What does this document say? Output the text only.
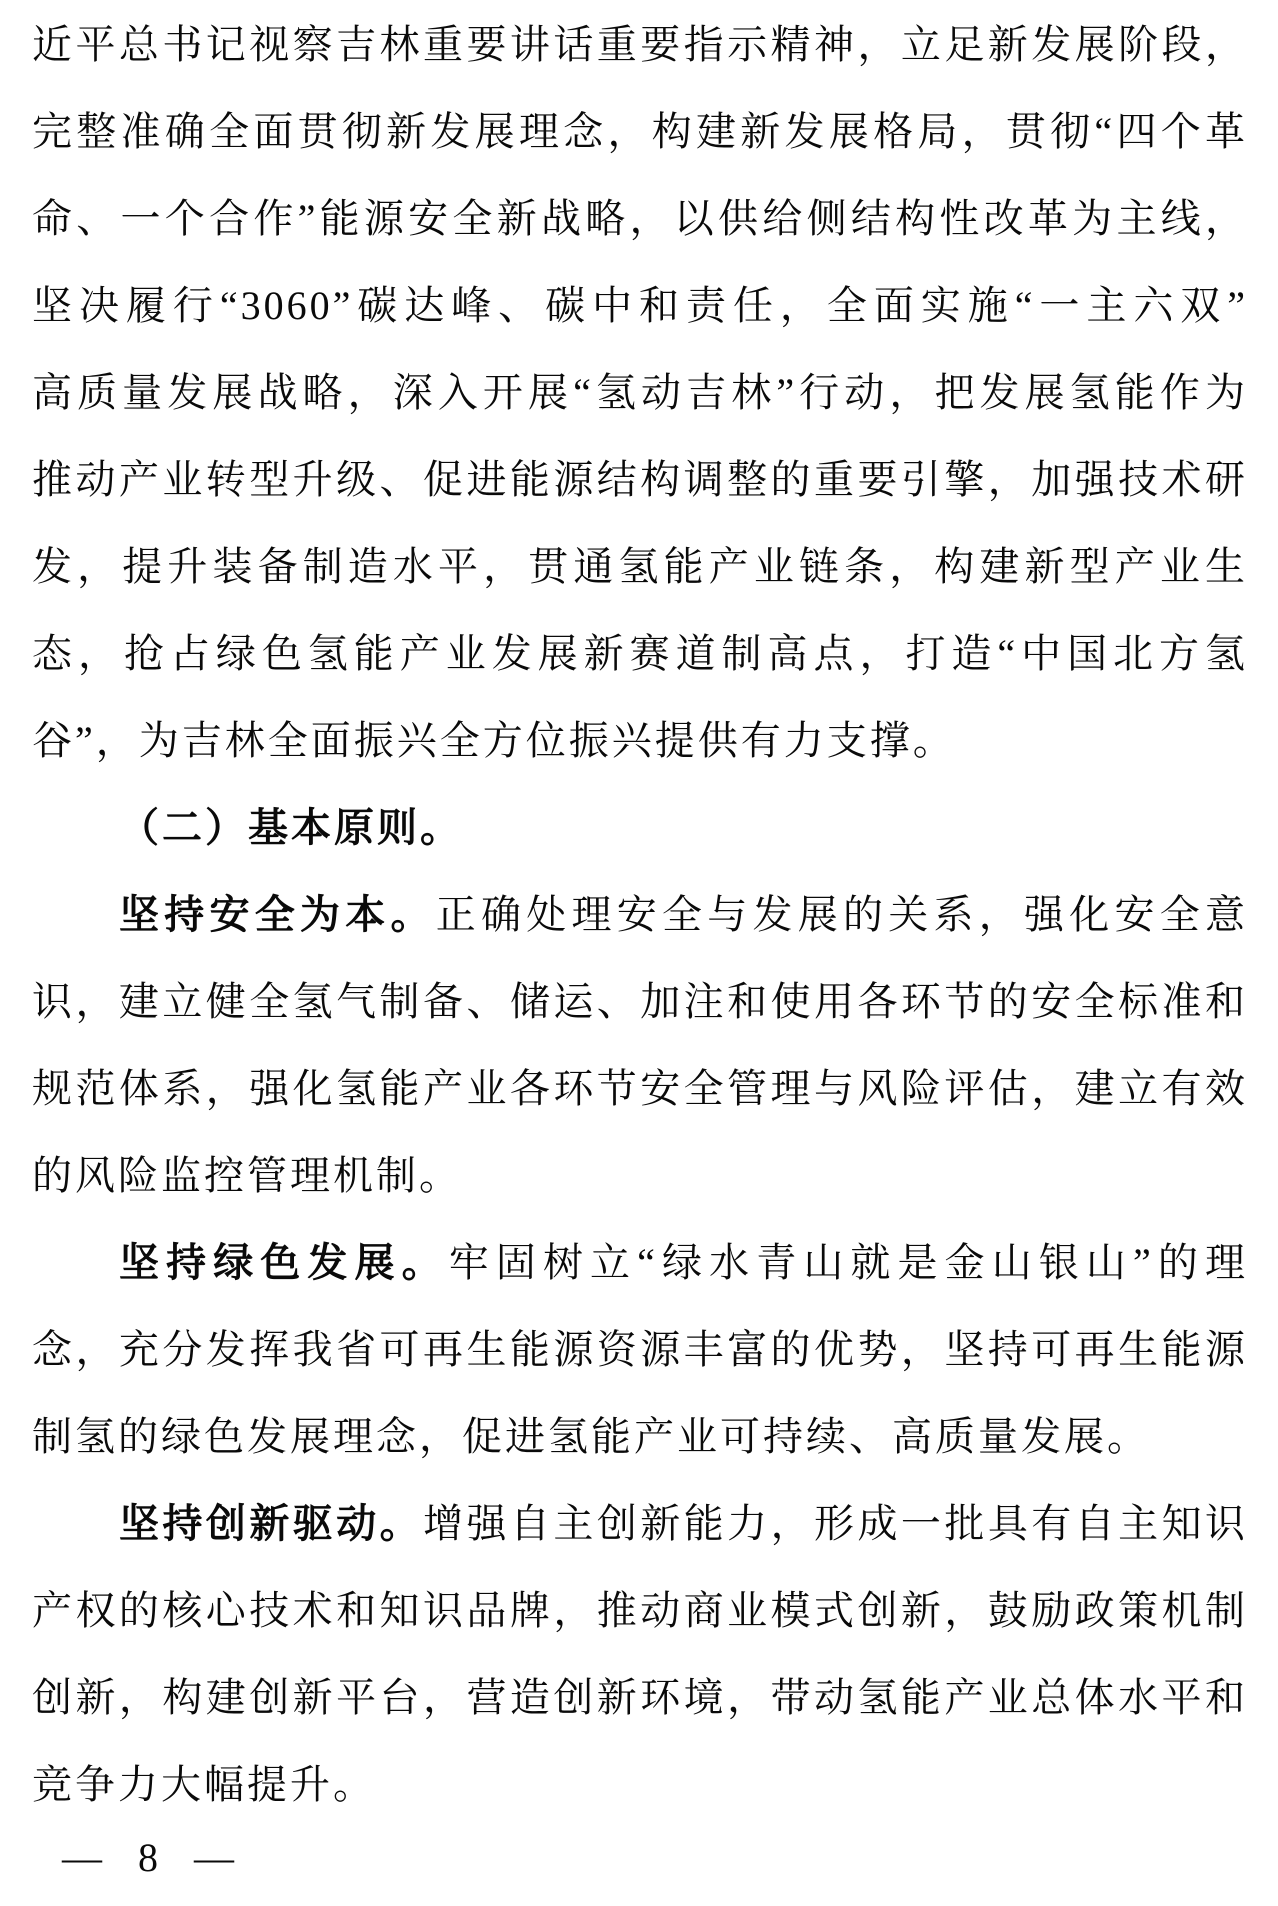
近平总书记视察吉林重要讲话重要指示精神，立足新发展阶段，
完整准确全面贯彻新发展理念，构建新发展格局，贯彻“四个革
命、一个合作”能源安全新战略，以供给侧结构性改革为主线，
坚决履行“3060”碳达峰、碳中和责任，全面实施“一主六双”
高质量发展战略，深入开展“氢动吉林”行动，把发展氢能作为
推动产业转型升级、促进能源结构调整的重要引擎，加强技术研
发，提升装备制造水平，贯通氢能产业链条，构建新型产业生
态，抢占绿色氢能产业发展新赛道制高点，打造“中国北方氢
谷”，为吉林全面振兴全方位振兴提供有力支撑。
（二）基本原则。
坚持安全为本。正确处理安全与发展的关系，强化安全意
识，建立健全氢气制备、储运、加注和使用各环节的安全标准和
规范体系，强化氢能产业各环节安全管理与风险评估，建立有效
的风险监控管理机制。
坚持绿色发展。牢固树立“绿水青山就是金山银山”的理
念，充分发挥我省可再生能源资源丰富的优势，坚持可再生能源
制氢的绿色发展理念，促进氢能产业可持续、高质量发展。
坚持创新驱动。增强自主创新能力，形成一批具有自主知识
产权的核心技术和知识品牌，推动商业模式创新，鼓励政策机制
创新，构建创新平台，营造创新环境，带动氢能产业总体水平和
竞争力大幅提升。
— 8 —
